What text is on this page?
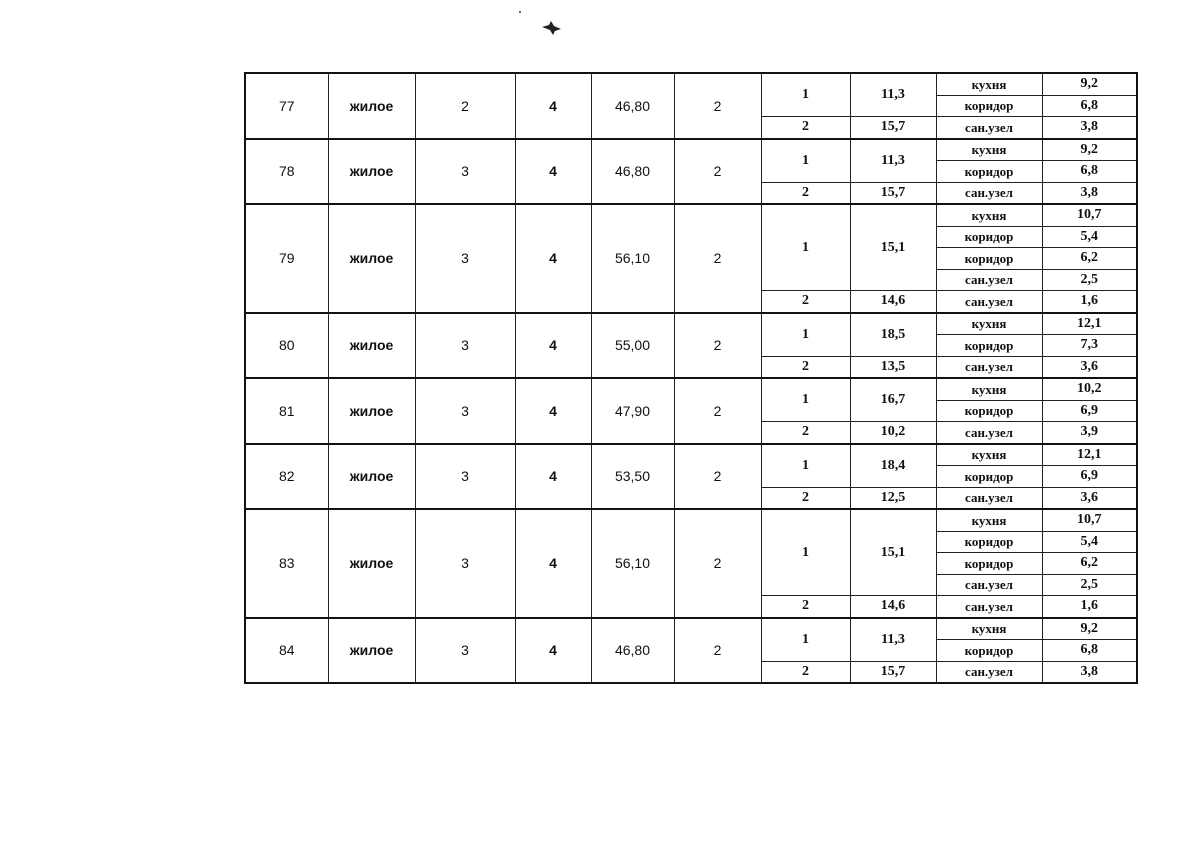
77	жилое	2	4	46,80	2	1	11,3	кухня	9,2
								коридор	6,8
						2	15,7	сан.узел	3,8
78	жилое	3	4	46,80	2	1	11,3	кухня	9,2
								коридор	6,8
						2	15,7	сан.узел	3,8
79	жилое	3	4	56,10	2	1	15,1	кухня	10,7
								коридор	5,4
								коридор	6,2
								сан.узел	2,5
						2	14,6	сан.узел	1,6
80	жилое	3	4	55,00	2	1	18,5	кухня	12,1
								коридор	7,3
						2	13,5	сан.узел	3,6
81	жилое	3	4	47,90	2	1	16,7	кухня	10,2
								коридор	6,9
						2	10,2	сан.узел	3,9
82	жилое	3	4	53,50	2	1	18,4	кухня	12,1
								коридор	6,9
						2	12,5	сан.узел	3,6
83	жилое	3	4	56,10	2	1	15,1	кухня	10,7
								коридор	5,4
								коридор	6,2
								сан.узел	2,5
						2	14,6	сан.узел	1,6
84	жилое	3	4	46,80	2	1	11,3	кухня	9,2
								коридор	6,8
						2	15,7	сан.узел	3,8
